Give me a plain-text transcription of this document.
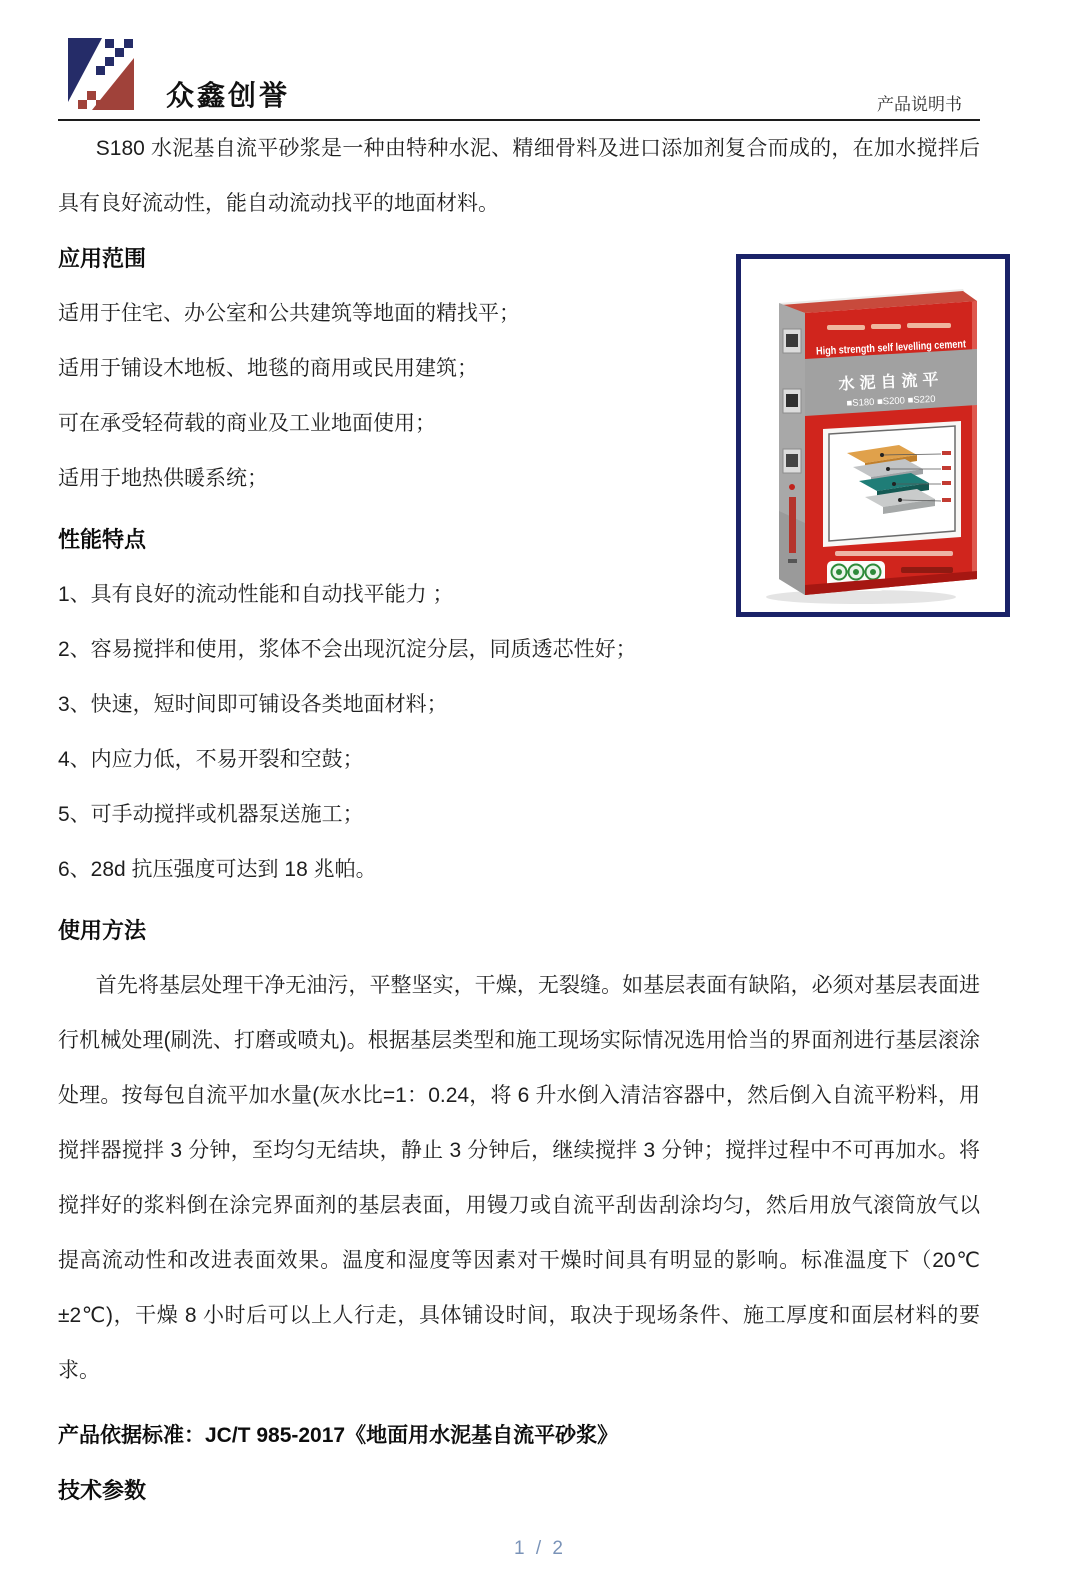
众鑫创誉	产品说明书

S180 水泥基自流平砂浆是一种由特种水泥、精细骨料及进口添加剂复合而成的，在加水搅拌后具有良好流动性，能自动流动找平的地面材料。

应用范围

适用于住宅、办公室和公共建筑等地面的精找平；

适用于铺设木地板、地毯的商用或民用建筑；

可在承受轻荷载的商业及工业地面使用；

适用于地热供暖系统；

性能特点

1、具有良好的流动性能和自动找平能力 ；

2、容易搅拌和使用，浆体不会出现沉淀分层，同质透芯性好；

3、快速，短时间即可铺设各类地面材料；

4、内应力低，不易开裂和空鼓；

5、可手动搅拌或机器泵送施工；

6、28d 抗压强度可达到 18 兆帕。

使用方法

首先将基层处理干净无油污，平整坚实，干燥，无裂缝。如基层表面有缺陷，必须对基层表面进行机械处理(刷洗、打磨或喷丸)。根据基层类型和施工现场实际情况选用恰当的界面剂进行基层滚涂处理。按每包自流平加水量(灰水比=1：0.24，将 6 升水倒入清洁容器中，然后倒入自流平粉料，用搅拌器搅拌 3 分钟，至均匀无结块，静止 3 分钟后，继续搅拌 3 分钟；搅拌过程中不可再加水。将搅拌好的浆料倒在涂完界面剂的基层表面，用镘刀或自流平刮齿刮涂均匀，然后用放气滚筒放气以提高流动性和改进表面效果。温度和湿度等因素对干燥时间具有明显的影响。标准温度下（20℃±2℃)，干燥 8 小时后可以上人行走，具体铺设时间，取决于现场条件、施工厚度和面层材料的要求。

产品依据标准：JC/T 985-2017《地面用水泥基自流平砂浆》

技术参数
High strength self levelling cement
水泥自流平
■S180 ■S200 ■S220
1 / 2
